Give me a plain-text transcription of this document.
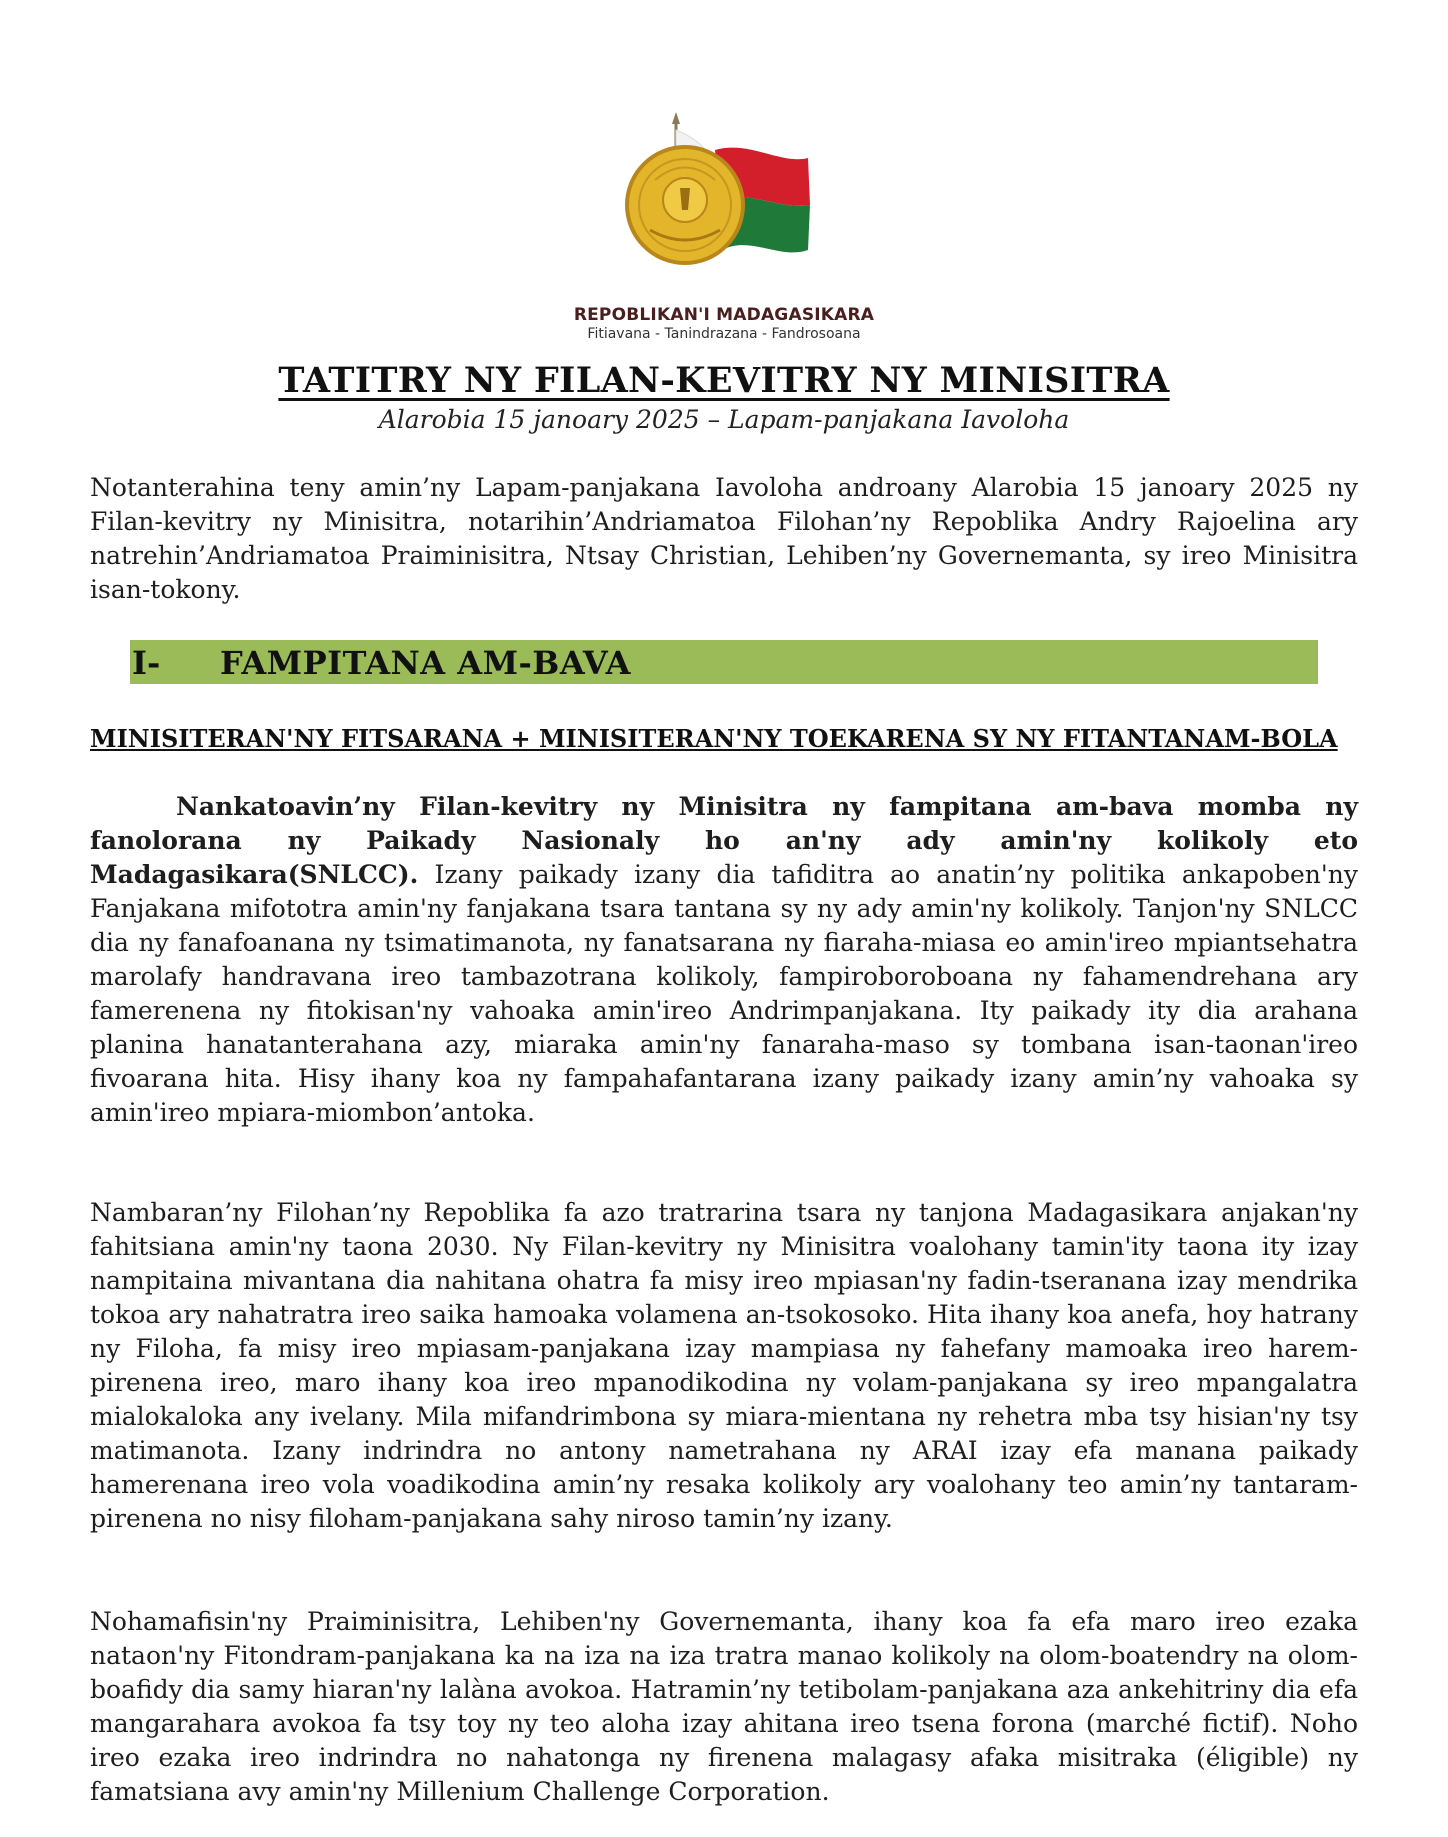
REPOBLIKAN'I MADAGASIKARA
Fitiavana - Tanindrazana - Fandrosoana
TATITRY NY FILAN-KEVITRY NY MINISITRA
Alarobia 15 janoary 2025 – Lapam-panjakana Iavoloha
Notanterahina teny amin’ny Lapam-panjakana Iavoloha androany Alarobia 15 janoary 2025 ny Filan-kevitry ny Minisitra, notarihin’Andriamatoa Filohan’ny Repoblika Andry Rajoelina ary natrehin’Andriamatoa Praiminisitra, Ntsay Christian, Lehiben’ny Governemanta, sy ireo Minisitra isan-tokony.
I- FAMPITANA AM-BAVA
MINISITERAN'NY FITSARANA + MINISITERAN'NY TOEKARENA SY NY FITANTANAM-BOLA
Nankatoavin’ny Filan-kevitry ny Minisitra ny fampitana am-bava momba ny fanolorana ny Paikady Nasionaly ho an'ny ady amin'ny kolikoly eto Madagasikara(SNLCC). Izany paikady izany dia tafiditra ao anatin’ny politika ankapoben'ny Fanjakana mifototra amin'ny fanjakana tsara tantana sy ny ady amin'ny kolikoly. Tanjon'ny SNLCC dia ny fanafoanana ny tsimatimanota, ny fanatsarana ny fiaraha-miasa eo amin'ireo mpiantsehatra marolafy handravana ireo tambazotrana kolikoly, fampiroboroboana ny fahamendrehana ary famerenena ny fitokisan'ny vahoaka amin'ireo Andrimpanjakana. Ity paikady ity dia arahana planina hanatanterahana azy, miaraka amin'ny fanaraha-maso sy tombana isan-taonan'ireo fivoarana hita. Hisy ihany koa ny fampahafantarana izany paikady izany amin’ny vahoaka sy amin'ireo mpiara-miombon’antoka.
Nambaran’ny Filohan’ny Repoblika fa azo tratrarina tsara ny tanjona Madagasikara anjakan'ny fahitsiana amin'ny taona 2030. Ny Filan-kevitry ny Minisitra voalohany tamin'ity taona ity izay nampitaina mivantana dia nahitana ohatra fa misy ireo mpiasan'ny fadin-tseranana izay mendrika tokoa ary nahatratra ireo saika hamoaka volamena an-tsokosoko. Hita ihany koa anefa, hoy hatrany ny Filoha, fa misy ireo mpiasam-panjakana izay mampiasa ny fahefany mamoaka ireo harem-pirenena ireo, maro ihany koa ireo mpanodikodina ny volam-panjakana sy ireo mpangalatra mialokaloka any ivelany. Mila mifandrimbona sy miara-mientana ny rehetra mba tsy hisian'ny tsy matimanota. Izany indrindra no antony nametrahana ny ARAI izay efa manana paikady hamerenana ireo vola voadikodina amin’ny resaka kolikoly ary voalohany teo amin’ny tantaram-pirenena no nisy filoham-panjakana sahy niroso tamin’ny izany.
Nohamafisin'ny Praiminisitra, Lehiben'ny Governemanta, ihany koa fa efa maro ireo ezaka nataon'ny Fitondram-panjakana ka na iza na iza tratra manao kolikoly na olom-boatendry na olom-boafidy dia samy hiaran'ny lalàna avokoa. Hatramin’ny tetibolam-panjakana aza ankehitriny dia efa mangarahara avokoa fa tsy toy ny teo aloha izay ahitana ireo tsena forona (marché fictif). Noho ireo ezaka ireo indrindra no nahatonga ny firenena malagasy afaka misitraka (éligible) ny famatsiana avy amin'ny Millenium Challenge Corporation.
